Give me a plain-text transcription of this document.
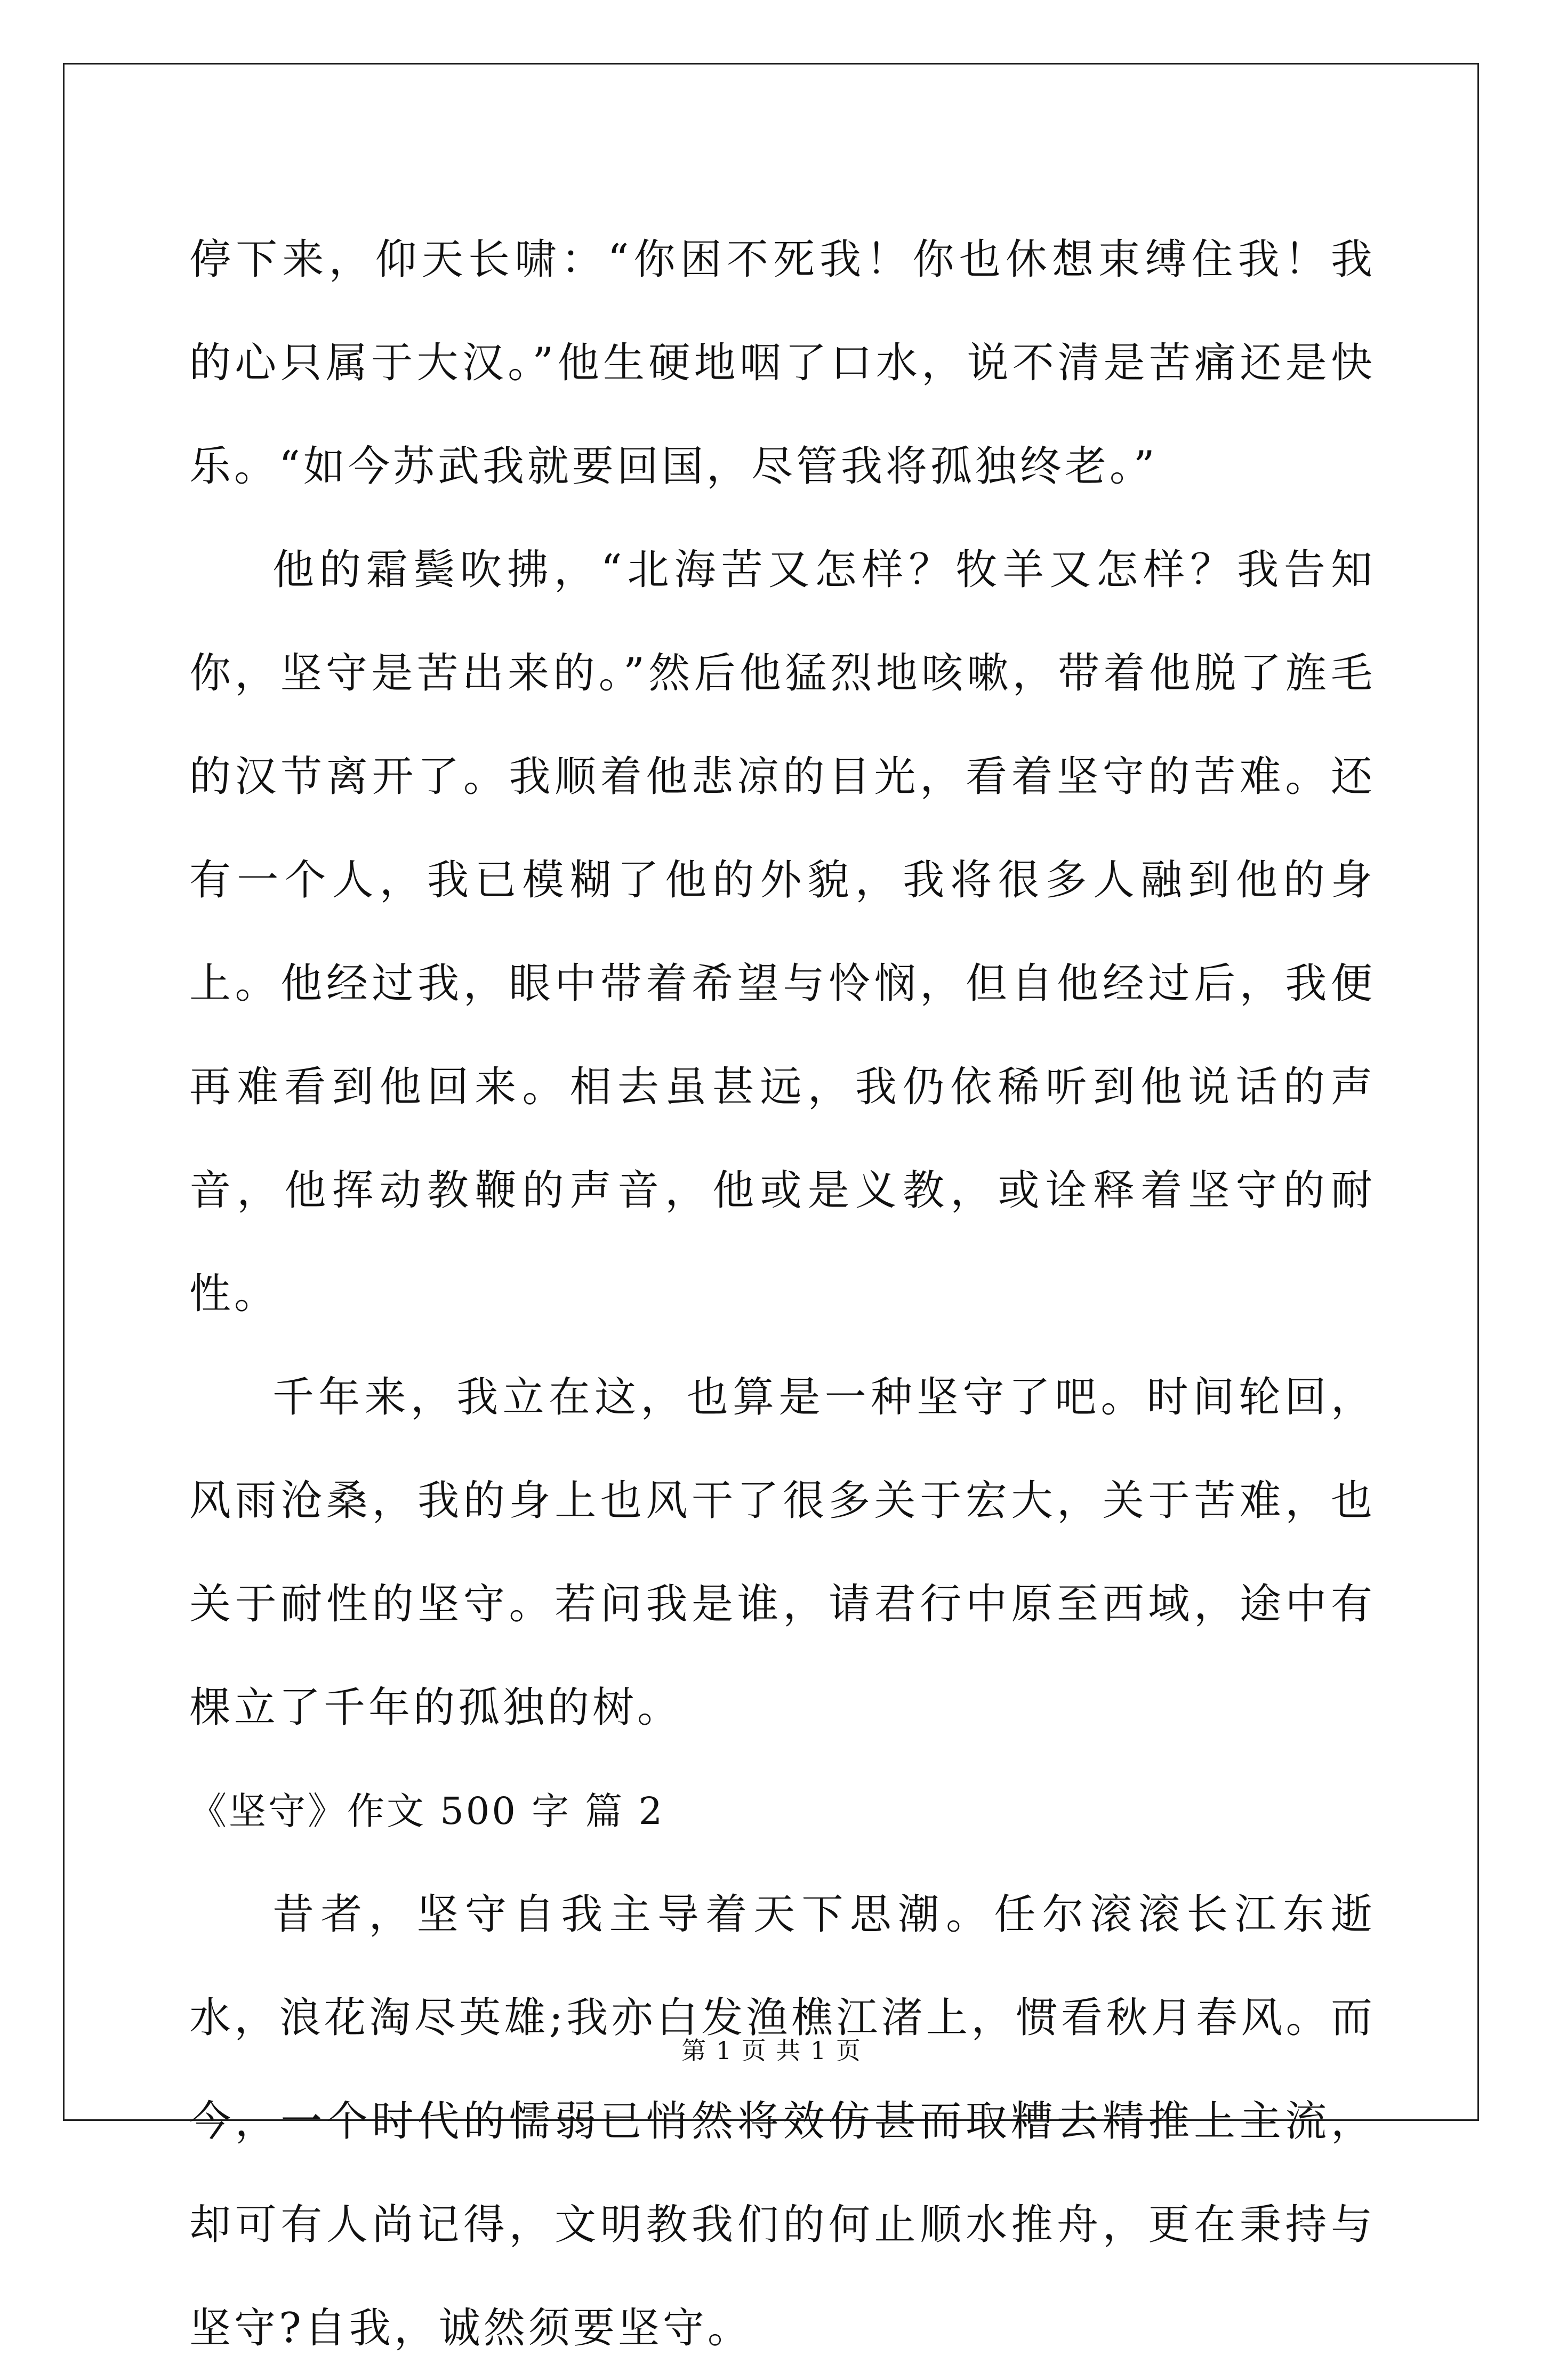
停下来，仰天长啸：“你困不死我！你也休想束缚住我！我的心只属于大汉。”他生硬地咽了口水，说不清是苦痛还是快乐。“如今苏武我就要回国，尽管我将孤独终老。”

他的霜鬓吹拂，“北海苦又怎样？牧羊又怎样？我告知你，坚守是苦出来的。”然后他猛烈地咳嗽，带着他脱了旌毛的汉节离开了。我顺着他悲凉的目光，看着坚守的苦难。还有一个人，我已模糊了他的外貌，我将很多人融到他的身上。他经过我，眼中带着希望与怜悯，但自他经过后，我便再难看到他回来。相去虽甚远，我仍依稀听到他说话的声音，他挥动教鞭的声音，他或是义教，或诠释着坚守的耐性。

千年来，我立在这，也算是一种坚守了吧。时间轮回，风雨沧桑，我的身上也风干了很多关于宏大，关于苦难，也关于耐性的坚守。若问我是谁，请君行中原至西域，途中有棵立了千年的孤独的树。

《坚守》作文 500 字 篇 2

昔者，坚守自我主导着天下思潮。任尔滚滚长江东逝水，浪花淘尽英雄;我亦白发渔樵江渚上，惯看秋月春风。而今，一个时代的懦弱已悄然将效仿甚而取糟去精推上主流，却可有人尚记得，文明教我们的何止顺水推舟，更在秉持与坚守?自我，诚然须要坚守。

第 1 页 共 1 页
